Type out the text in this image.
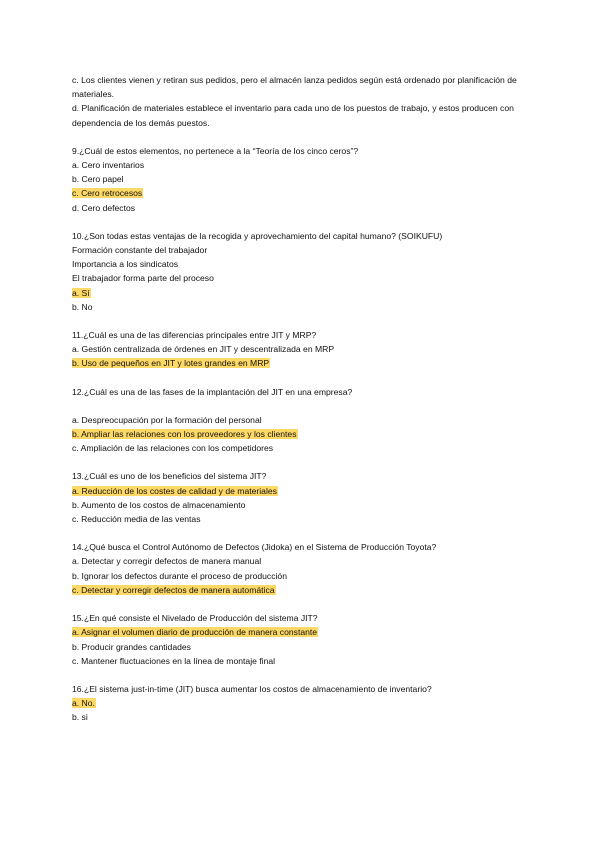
c. Los clientes vienen y retiran sus pedidos, pero el almacén lanza pedidos según está ordenado por planificación de materiales.
d. Planificación de materiales establece el inventario para cada uno de los puestos de trabajo, y estos producen con dependencia de los demás puestos.
9.¿Cuál de estos elementos, no pertenece a la “Teoría de los cinco ceros”?
a. Cero inventarios
b. Cero papel
c. Cero retrocesos
d. Cero defectos
10.¿Son todas estas ventajas de la recogida y aprovechamiento del capital humano? (SOIKUFU)
Formación constante del trabajador
Importancia a los sindicatos
El trabajador forma parte del proceso
a. Sí
b. No
11.¿Cuál es una de las diferencias principales entre JIT y MRP?
a. Gestión centralizada de órdenes en JIT y descentralizada en MRP
b. Uso de pequeños en JIT y lotes grandes en MRP
12.¿Cuál es una de las fases de la implantación del JIT en una empresa?
a. Despreocupación por la formación del personal
b. Ampliar las relaciones con los proveedores y los clientes
c. Ampliación de las relaciones con los competidores
13.¿Cuál es uno de los beneficios del sistema JIT?
a. Reducción de los costes de calidad y de materiales
b. Aumento de los costos de almacenamiento
c. Reducción media de las ventas
14.¿Qué busca el Control Autónomo de Defectos (Jidoka) en el Sistema de Producción Toyota?
a. Detectar y corregir defectos de manera manual
b. Ignorar los defectos durante el proceso de producción
c. Detectar y corregir defectos de manera automática
15.¿En qué consiste el Nivelado de Producción del sistema JIT?
a. Asignar el volumen diario de producción de manera constante
b. Producir grandes cantidades
c. Mantener fluctuaciones en la línea de montaje final
16.¿El sistema just-in-time (JIT) busca aumentar los costos de almacenamiento de inventario?
a. No.
b. si
